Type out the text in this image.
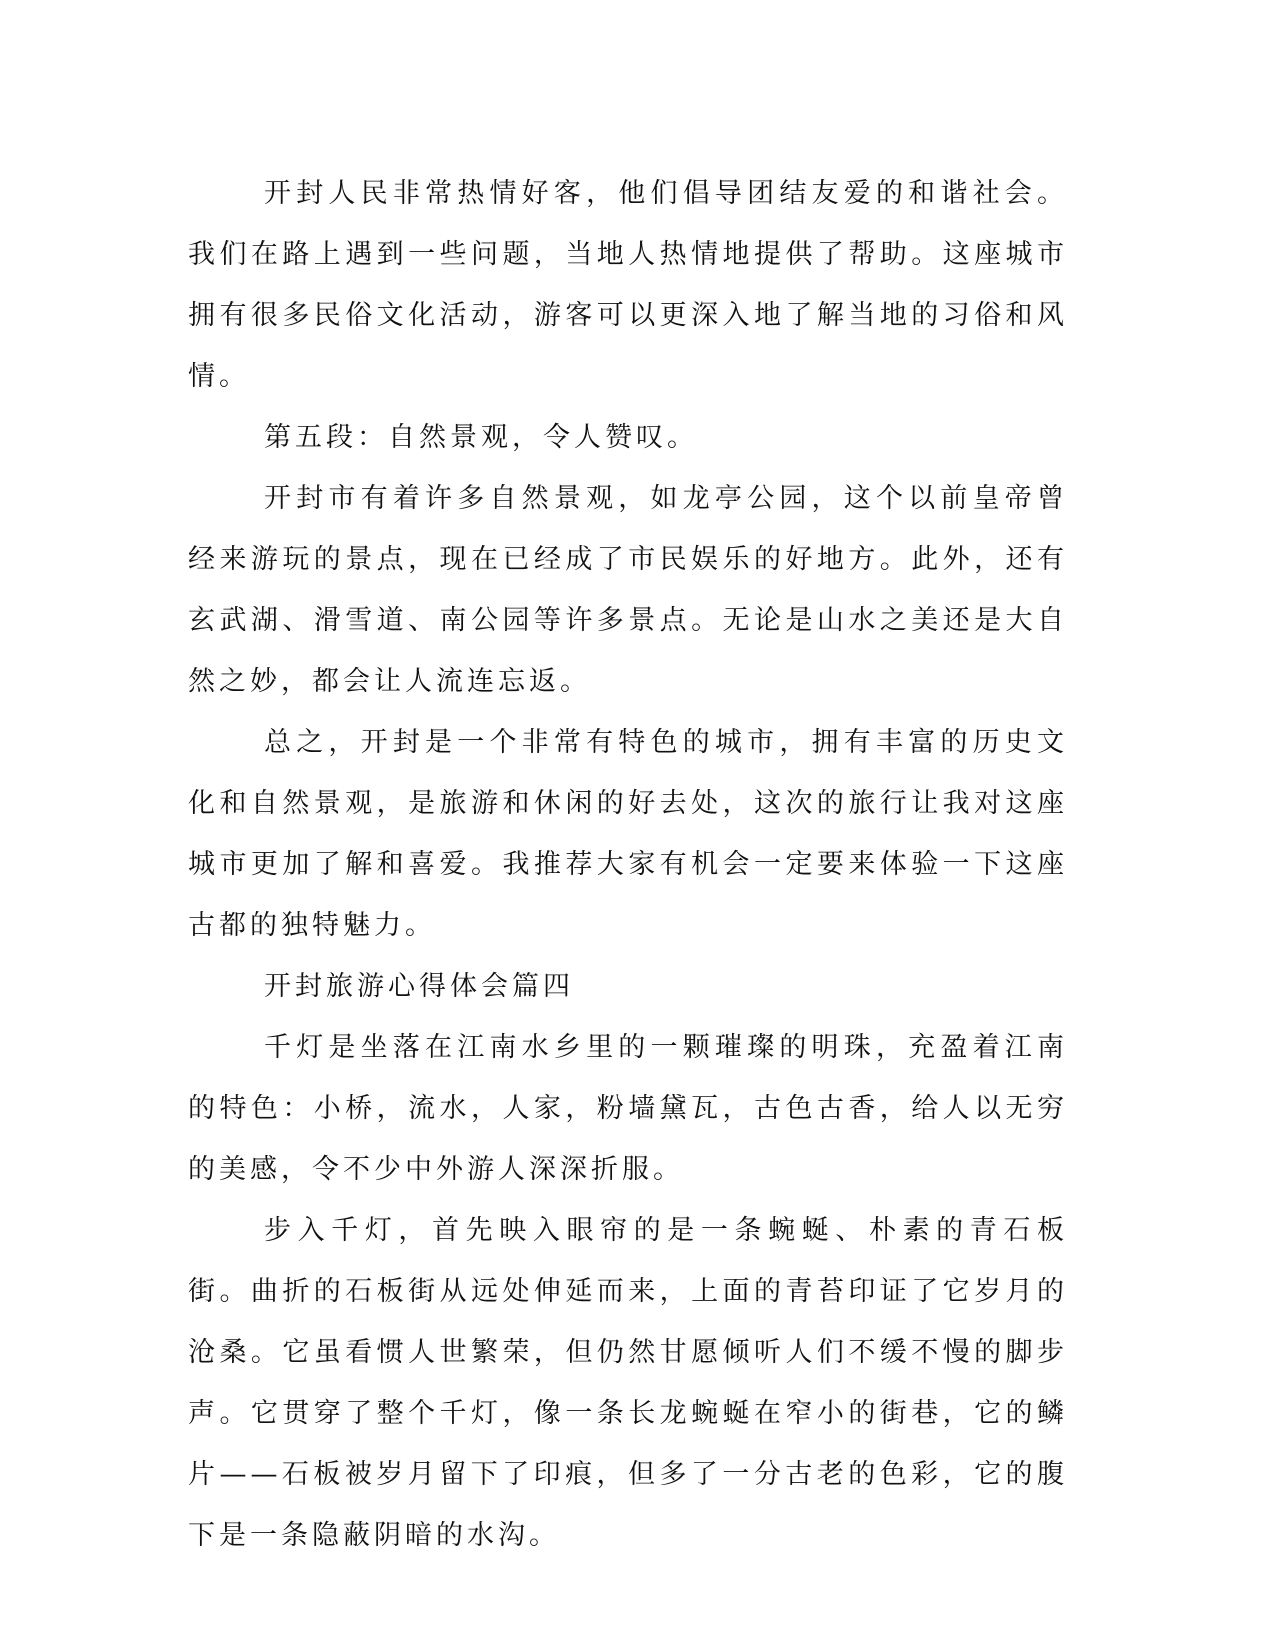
开封人民非常热情好客，他们倡导团结友爱的和谐社会。我们在路上遇到一些问题，当地人热情地提供了帮助。这座城市拥有很多民俗文化活动，游客可以更深入地了解当地的习俗和风情。

第五段：自然景观，令人赞叹。

开封市有着许多自然景观，如龙亭公园，这个以前皇帝曾经来游玩的景点，现在已经成了市民娱乐的好地方。此外，还有玄武湖、滑雪道、南公园等许多景点。无论是山水之美还是大自然之妙，都会让人流连忘返。

总之，开封是一个非常有特色的城市，拥有丰富的历史文化和自然景观，是旅游和休闲的好去处，这次的旅行让我对这座城市更加了解和喜爱。我推荐大家有机会一定要来体验一下这座古都的独特魅力。

开封旅游心得体会篇四

千灯是坐落在江南水乡里的一颗璀璨的明珠，充盈着江南的特色：小桥，流水，人家，粉墙黛瓦，古色古香，给人以无穷的美感，令不少中外游人深深折服。

步入千灯，首先映入眼帘的是一条蜿蜒、朴素的青石板街。曲折的石板街从远处伸延而来，上面的青苔印证了它岁月的沧桑。它虽看惯人世繁荣，但仍然甘愿倾听人们不缓不慢的脚步声。它贯穿了整个千灯，像一条长龙蜿蜒在窄小的街巷，它的鳞片——石板被岁月留下了印痕，但多了一分古老的色彩，它的腹下是一条隐蔽阴暗的水沟。
